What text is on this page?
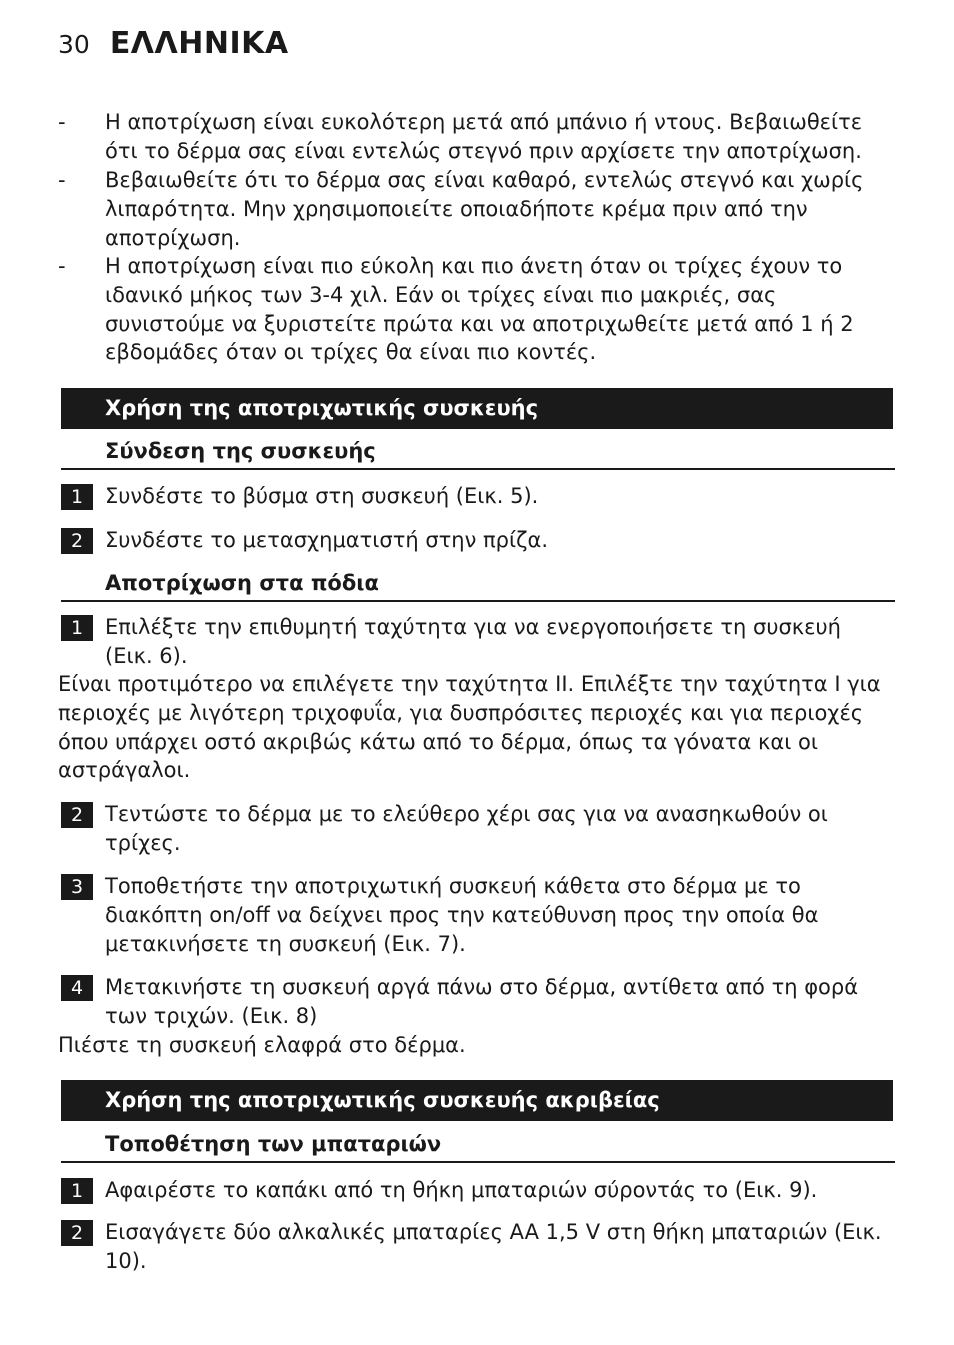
30 ΕΛΛΗΝΙΚΑ
- Η αποτρίχωση είναι ευκολότερη μετά από μπάνιο ή ντους. Βεβαιωθείτε ότι το δέρμα σας είναι εντελώς στεγνό πριν αρχίσετε την αποτρίχωση.
- Βεβαιωθείτε ότι το δέρμα σας είναι καθαρό, εντελώς στεγνό και χωρίς λιπαρότητα. Μην χρησιμοποιείτε οποιαδήποτε κρέμα πριν από την αποτρίχωση.
- Η αποτρίχωση είναι πιο εύκολη και πιο άνετη όταν οι τρίχες έχουν το ιδανικό μήκος των 3-4 χιλ. Εάν οι τρίχες είναι πιο μακριές, σας συνιστούμε να ξυριστείτε πρώτα και να αποτριχωθείτε μετά από 1 ή 2 εβδομάδες όταν οι τρίχες θα είναι πιο κοντές.
Χρήση της αποτριχωτικής συσκευής
Σύνδεση της συσκευής
1	Συνδέστε το βύσμα στη συσκευή (Εικ. 5).
2	Συνδέστε το μετασχηματιστή στην πρίζα.
Αποτρίχωση στα πόδια
1	Επιλέξτε την επιθυμητή ταχύτητα για να ενεργοποιήσετε τη συσκευή (Εικ. 6).
Είναι προτιμότερο να επιλέγετε την ταχύτητα II. Επιλέξτε την ταχύτητα I για περιοχές με λιγότερη τριχοφυΐα, για δυσπρόσιτες περιοχές και για περιοχές όπου υπάρχει οστό ακριβώς κάτω από το δέρμα, όπως τα γόνατα και οι αστράγαλοι.
2	Τεντώστε το δέρμα με το ελεύθερο χέρι σας για να ανασηκωθούν οι τρίχες.
3	Τοποθετήστε την αποτριχωτική συσκευή κάθετα στο δέρμα με το διακόπτη on/off να δείχνει προς την κατεύθυνση προς την οποία θα μετακινήσετε τη συσκευή (Εικ. 7).
4	Μετακινήστε τη συσκευή αργά πάνω στο δέρμα, αντίθετα από τη φορά των τριχών. (Εικ. 8)
Πιέστε τη συσκευή ελαφρά στο δέρμα.
Χρήση της αποτριχωτικής συσκευής ακριβείας
Τοποθέτηση των μπαταριών
1	Αφαιρέστε το καπάκι από τη θήκη μπαταριών σύροντάς το (Εικ. 9).
2	Εισαγάγετε δύο αλκαλικές μπαταρίες AA 1,5 V στη θήκη μπαταριών (Εικ. 10).
